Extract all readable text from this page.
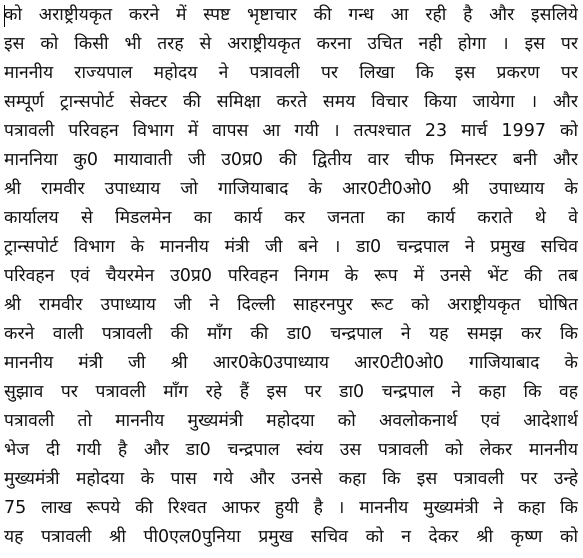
को अराष्ट्रीयकृत करने में स्पष्ट भृष्टाचार की गन्ध आ रही है और इसलिये
इस को किसी भी तरह से अराष्ट्रीयकृत करना उचित नही होगा । इस पर
माननीय राज्यपाल महोदय ने पत्रावली पर लिखा कि इस प्रकरण पर
सम्पूर्ण ट्रान्सपोर्ट सेक्टर की समिक्षा करते समय विचार किया जायेगा । और
पत्रावली परिवहन विभाग में वापस आ गयी । तत्पश्चात 23 मार्च 1997 को
माननिया कु0 मायावाती जी उ0प्र0 की द्वितीय वार चीफ मिनस्टर बनी और
श्री रामवीर उपाध्याय जो गाजियाबाद के आर0टी0ओ0 श्री उपाध्याय के
कार्यालय से मिडलमेन का कार्य कर जनता का कार्य कराते थे वे
ट्रान्सपोर्ट विभाग के माननीय मंत्री जी बने । डा0 चन्द्रपाल ने प्रमुख सचिव
परिवहन एवं चैयरमेन उ0प्र0 परिवहन निगम के रूप में उनसे भेंट की तब
श्री रामवीर उपाध्याय जी ने दिल्ली साहरनपुर रूट को अराष्ट्रीयकृत घोषित
करने वाली पत्रावली की माँग की डा0 चन्द्रपाल ने यह समझ कर कि
माननीय मंत्री जी श्री आर0के0उपाध्याय आर0टी0ओ0 गाजियाबाद के
सुझाव पर पत्रावली माँग रहे हैं इस पर डा0 चन्द्रपाल ने कहा कि वह
पत्रावली तो माननीय मुख्यमंत्री महोदया को अवलोकनार्थ एवं आदेशार्थ
भेज दी गयी है और डा0 चन्द्रपाल स्वंय उस पत्रावली को लेकर माननीय
मुख्यमंत्री महोदया के पास गये और उनसे कहा कि इस पत्रावली पर उन्हे
75 लाख रूपये की रिश्वत आफर हुयी है । माननीय मुख्यमंत्री ने कहा कि
यह पत्रावली श्री पी0एल0पुनिया प्रमुख सचिव को न देकर श्री कृष्ण को
